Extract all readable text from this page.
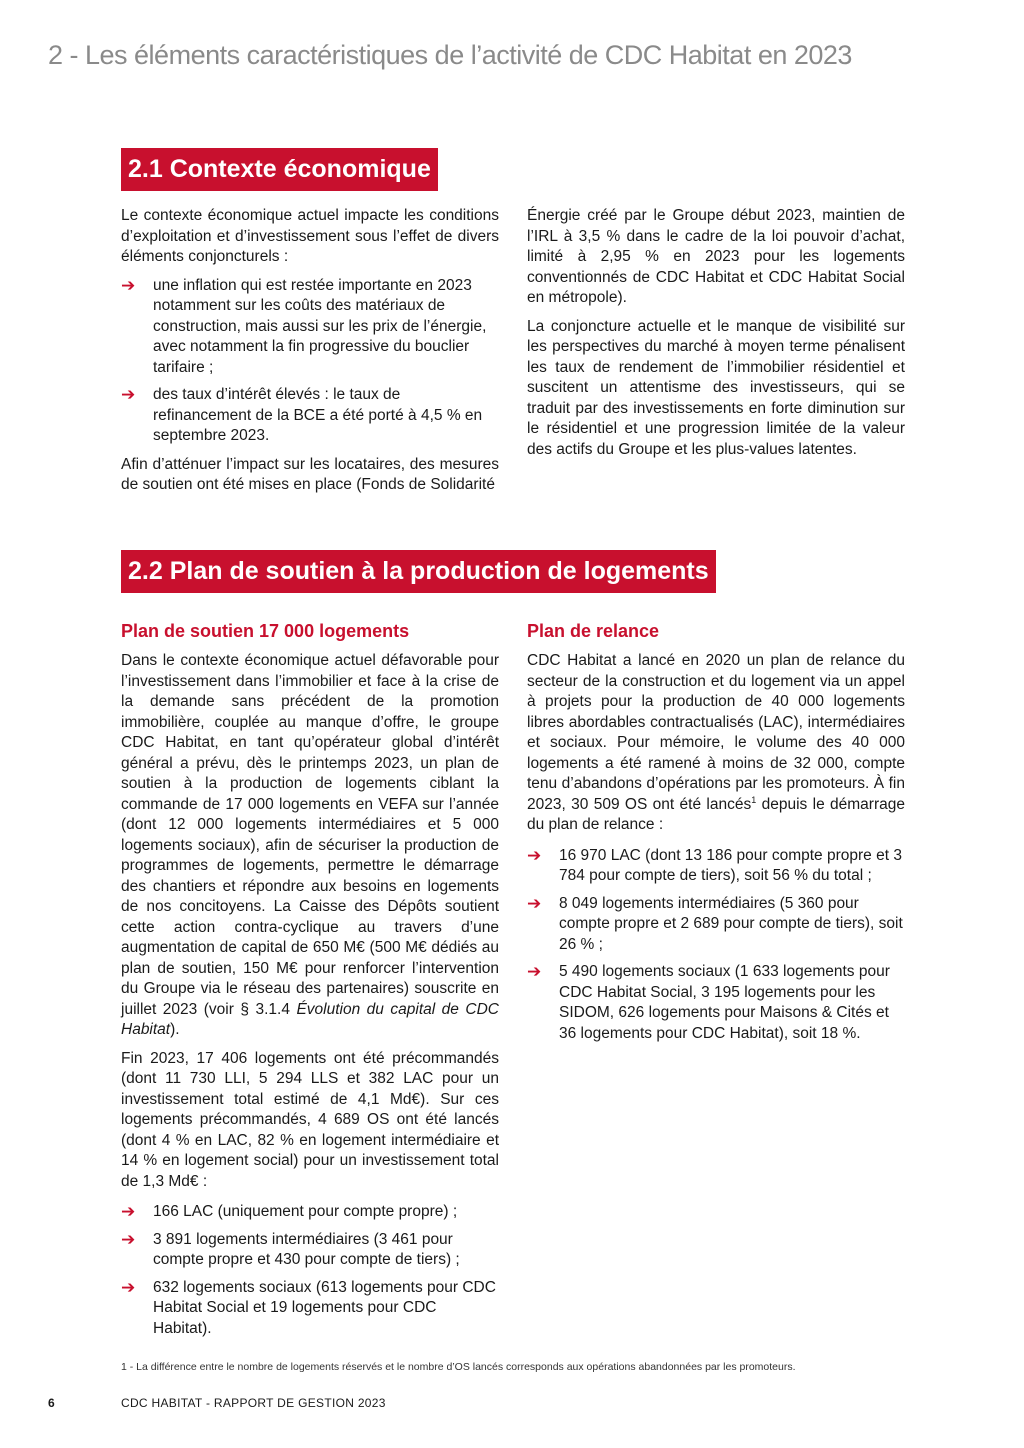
2 - Les éléments caractéristiques de l’activité de CDC Habitat en 2023
2.1 Contexte économique

Le contexte économique actuel impacte les conditions d’exploitation et d’investissement sous l’effet de divers éléments conjoncturels :

➔ une inflation qui est restée importante en 2023 notamment sur les coûts des matériaux de construction, mais aussi sur les prix de l’énergie, avec notamment la fin progressive du bouclier tarifaire ;
➔ des taux d’intérêt élevés : le taux de refinancement de la BCE a été porté à 4,5 % en septembre 2023.

Afin d’atténuer l’impact sur les locataires, des mesures de soutien ont été mises en place (Fonds de Solidarité

Énergie créé par le Groupe début 2023, maintien de l’IRL à 3,5 % dans le cadre de la loi pouvoir d’achat, limité à 2,95 % en 2023 pour les logements conventionnés de CDC Habitat et CDC Habitat Social en métropole).

La conjoncture actuelle et le manque de visibilité sur les perspectives du marché à moyen terme pénalisent les taux de rendement de l’immobilier résidentiel et suscitent un attentisme des investisseurs, qui se traduit par des investissements en forte diminution sur le résidentiel et une progression limitée de la valeur des actifs du Groupe et les plus-values latentes.

2.2 Plan de soutien à la production de logements
Plan de soutien 17 000 logements

Dans le contexte économique actuel défavorable pour l’investissement dans l’immobilier et face à la crise de la demande sans précédent de la promotion immobilière, couplée au manque d’offre, le groupe CDC Habitat, en tant qu’opérateur global d’intérêt général a prévu, dès le printemps 2023, un plan de soutien à la production de logements ciblant la commande de 17 000 logements en VEFA sur l’année (dont 12 000 logements intermédiaires et 5 000 logements sociaux), afin de sécuriser la production de programmes de logements, permettre le démarrage des chantiers et répondre aux besoins en logements de nos concitoyens. La Caisse des Dépôts soutient cette action contra-cyclique au travers d’une augmentation de capital de 650 M€ (500 M€ dédiés au plan de soutien, 150 M€ pour renforcer l’intervention du Groupe via le réseau des partenaires) souscrite en juillet 2023 (voir § 3.1.4 Évolution du capital de CDC Habitat).

Fin 2023, 17 406 logements ont été précommandés (dont 11 730 LLI, 5 294 LLS et 382 LAC pour un investissement total estimé de 4,1 Md€). Sur ces logements précommandés, 4 689 OS ont été lancés (dont 4 % en LAC, 82 % en logement intermédiaire et 14 % en logement social) pour un investissement total de 1,3 Md€ :

➔ 166 LAC (uniquement pour compte propre) ;
➔ 3 891 logements intermédiaires (3 461 pour compte propre et 430 pour compte de tiers) ;
➔ 632 logements sociaux (613 logements pour CDC Habitat Social et 19 logements pour CDC Habitat).
Plan de relance

CDC Habitat a lancé en 2020 un plan de relance du secteur de la construction et du logement via un appel à projets pour la production de 40 000 logements libres abordables contractualisés (LAC), intermédiaires et sociaux. Pour mémoire, le volume des 40 000 logements a été ramené à moins de 32 000, compte tenu d’abandons d’opérations par les promoteurs. À fin 2023, 30 509 OS ont été lancés$^1$ depuis le démarrage du plan de relance :

➔ 16 970 LAC (dont 13 186 pour compte propre et 3 784 pour compte de tiers), soit 56 % du total ;
➔ 8 049 logements intermédiaires (5 360 pour compte propre et 2 689 pour compte de tiers), soit 26 % ;
➔ 5 490 logements sociaux (1 633 logements pour CDC Habitat Social, 3 195 logements pour les SIDOM, 626 logements pour Maisons & Cités et 36 logements pour CDC Habitat), soit 18 %.
1 - La différence entre le nombre de logements réservés et le nombre d’OS lancés corresponds aux opérations abandonnées par les promoteurs.
6	CDC HABITAT - RAPPORT DE GESTION 2023
